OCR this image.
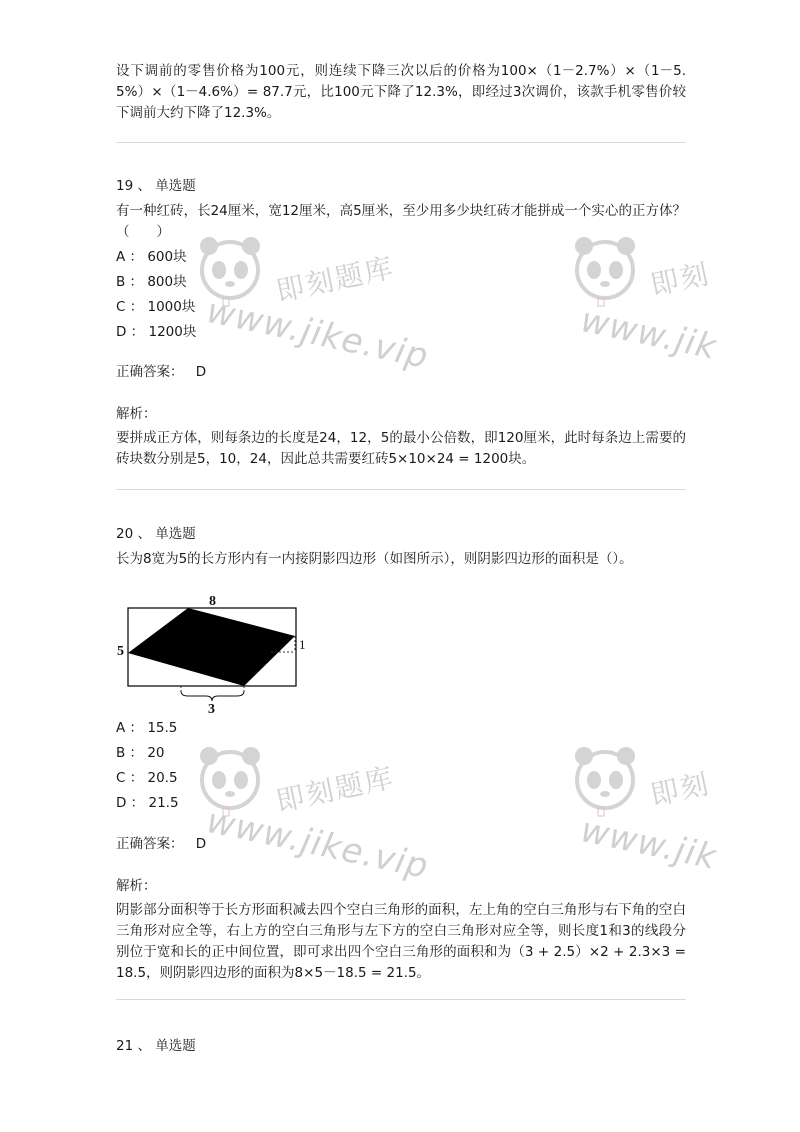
即刻题库
www.jike.vip
即刻
www.jik
即刻题库
www.jike.vip
即刻
www.jik

设下调前的零售价格为100元，则连续下降三次以后的价格为100×（1－2.7%）×（1－5.5%）×（1－4.6%）= 87.7元，比100元下降了12.3%，即经过3次调价，该款手机零售价较下调前大约下降了12.3%。

19 、 单选题

有一种红砖，长24厘米，宽12厘米，高5厘米，至少用多少块红砖才能拼成一个实心的正方体？（　　）

A ： 600块

B ： 800块

C ： 1000块

D ： 1200块

正确答案： D

解析：

要拼成正方体，则每条边的长度是24，12，5的最小公倍数，即120厘米，此时每条边上需要的砖块数分别是5，10，24，因此总共需要红砖5×10×24 = 1200块。

20 、 单选题

长为8宽为5的长方形内有一内接阴影四边形（如图所示），则阴影四边形的面积是（）。

A ： 15.5

B ： 20

C ： 20.5

D ： 21.5

正确答案： D

解析：

阴影部分面积等于长方形面积减去四个空白三角形的面积，左上角的空白三角形与右下角的空白三角形对应全等，右上方的空白三角形与左下方的空白三角形对应全等，则长度1和3的线段分别位于宽和长的正中间位置，即可求出四个空白三角形的面积和为（3 + 2.5）×2 + 2.3×3 = 18.5，则阴影四边形的面积为8×5－18.5 = 21.5。

21 、 单选题

8
5	1
3
